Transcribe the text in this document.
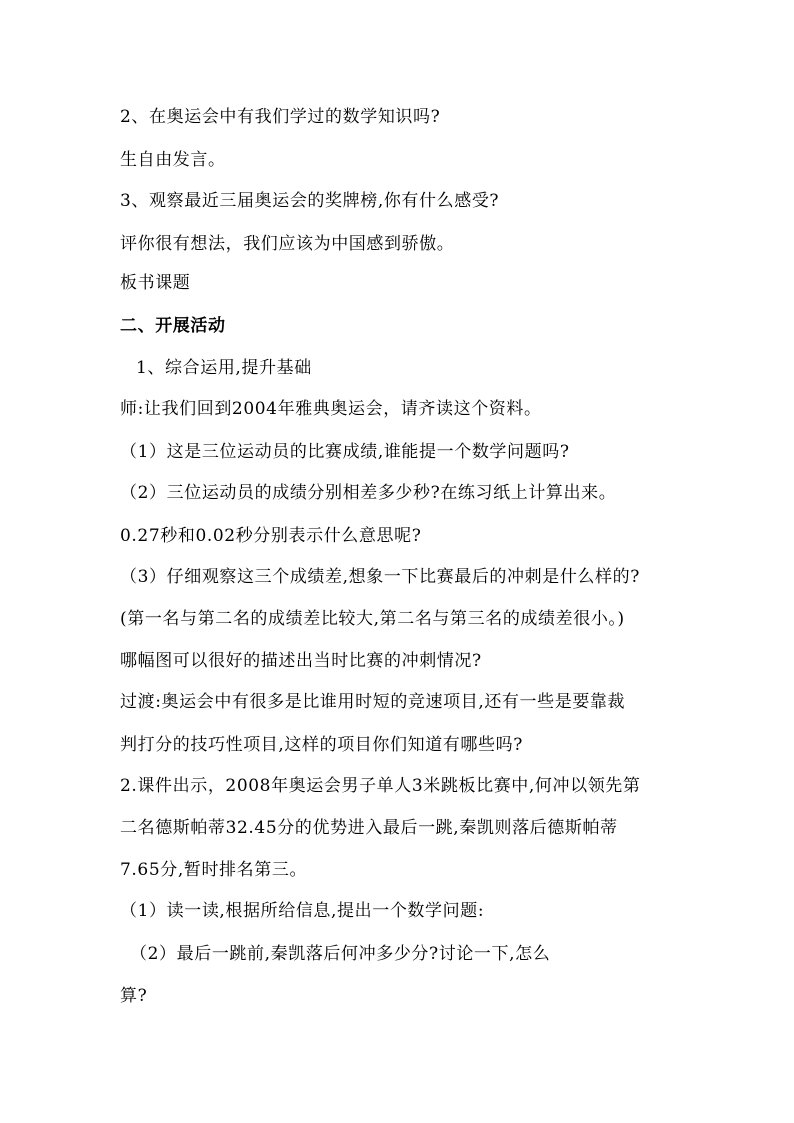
2、在奥运会中有我们学过的数学知识吗?
生自由发言。
3、观察最近三届奥运会的奖牌榜,你有什么感受?
评你很有想法，我们应该为中国感到骄傲。
板书课题
二、开展活动
1、综合运用,提升基础
师:让我们回到2004年雅典奥运会，请齐读这个资料。
（1）这是三位运动员的比赛成绩,谁能提一个数学问题吗?
（2）三位运动员的成绩分别相差多少秒?在练习纸上计算出来。
0.27秒和0.02秒分别表示什么意思呢?
（3）仔细观察这三个成绩差,想象一下比赛最后的冲刺是什么样的?
(第一名与第二名的成绩差比较大,第二名与第三名的成绩差很小。)
哪幅图可以很好的描述出当时比赛的冲刺情况?
过渡:奥运会中有很多是比谁用时短的竞速项目,还有一些是要靠裁
判打分的技巧性项目,这样的项目你们知道有哪些吗?
2.课件出示，2008年奥运会男子单人3米跳板比赛中,何冲以领先第
二名德斯帕蒂32.45分的优势进入最后一跳,秦凯则落后德斯帕蒂
7.65分,暂时排名第三。
（1）读一读,根据所给信息,提出一个数学问题:
（2）最后一跳前,秦凯落后何冲多少分?讨论一下,怎么
算?
